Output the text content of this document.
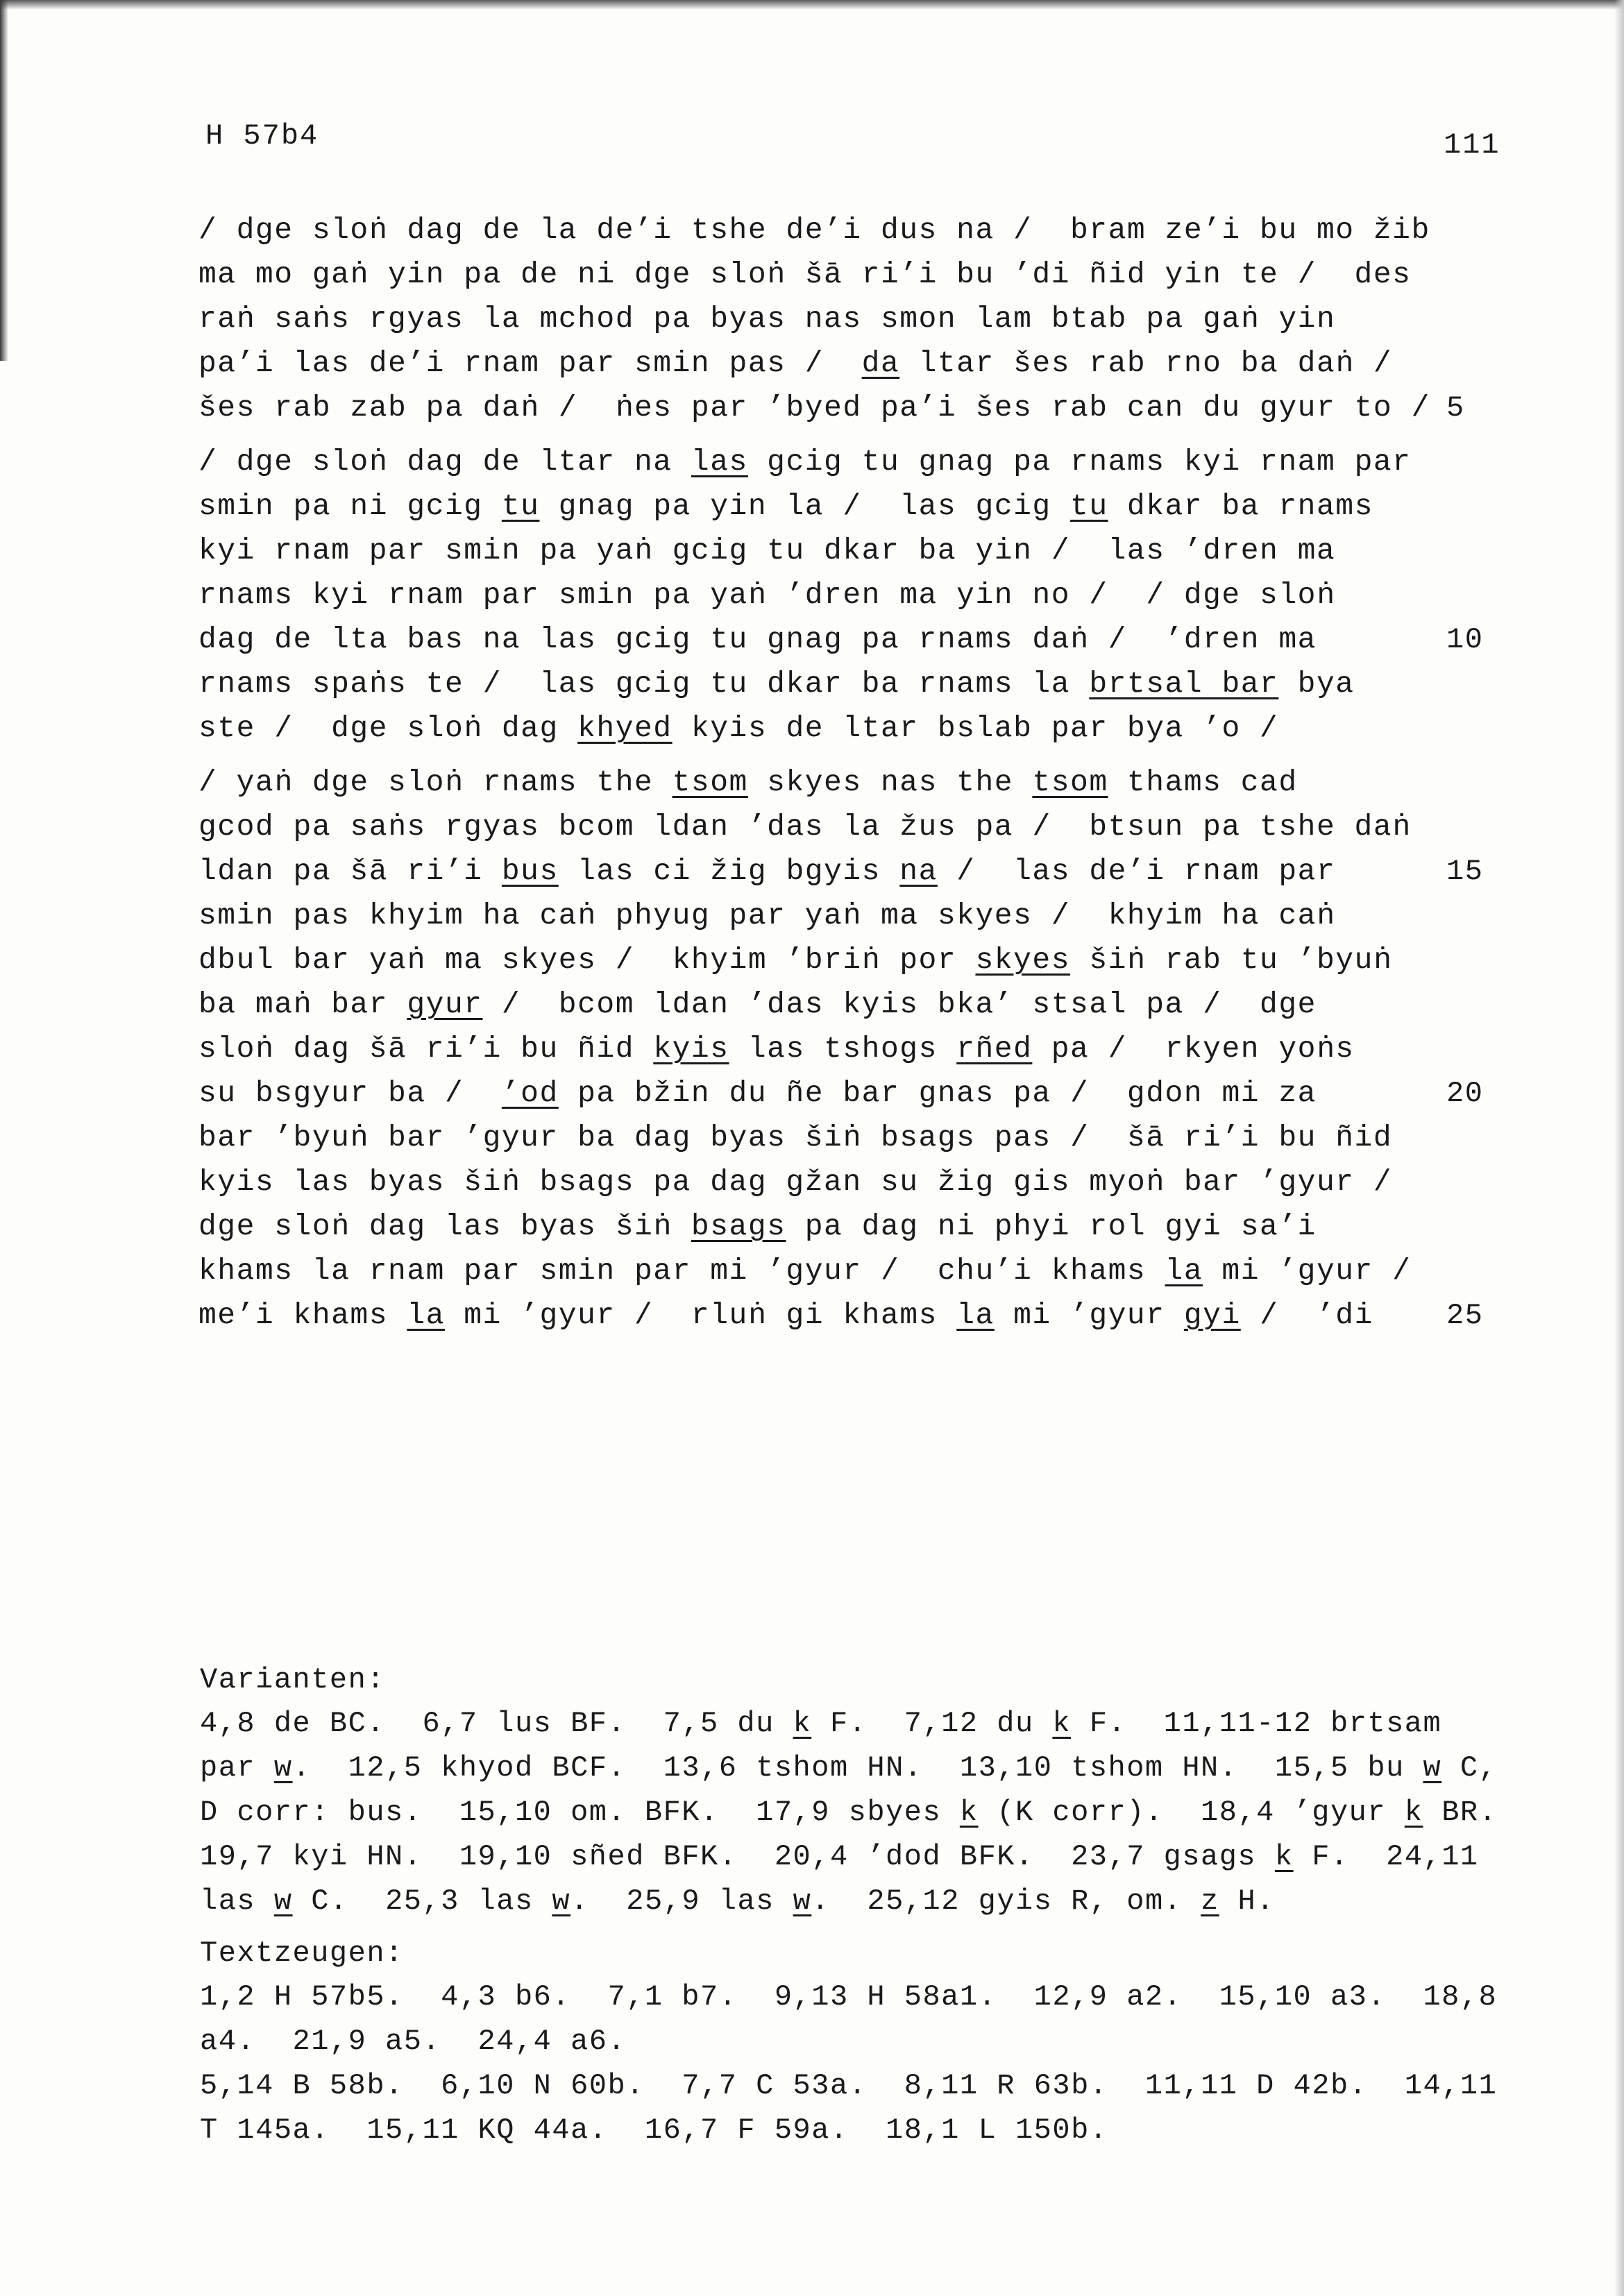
H 57b4	111
/ dge sloṅ dag de la de’i tshe de’i dus na /  bram ze’i bu mo žib
ma mo gaṅ yin pa de ni dge sloṅ šā ri’i bu ’di ñid yin te /  des
raṅ saṅs rgyas la mchod pa byas nas smon lam btab pa gaṅ yin
pa’i las de’i rnam par smin pas /  da ltar šes rab rno ba daṅ /
šes rab zab pa daṅ /  ṅes par ’byed pa’i šes rab can du gyur to / 5
/ dge sloṅ dag de ltar na las gcig tu gnag pa rnams kyi rnam par
smin pa ni gcig tu gnag pa yin la /  las gcig tu dkar ba rnams
kyi rnam par smin pa yaṅ gcig tu dkar ba yin /  las ’dren ma
rnams kyi rnam par smin pa yaṅ ’dren ma yin no /  / dge sloṅ
dag de lta bas na las gcig tu gnag pa rnams daṅ /  ’dren ma	10
rnams spaṅs te /  las gcig tu dkar ba rnams la brtsal bar bya
ste /  dge sloṅ dag khyed kyis de ltar bslab par bya ’o /
/ yaṅ dge sloṅ rnams the tsom skyes nas the tsom thams cad
gcod pa saṅs rgyas bcom ldan ’das la žus pa /  btsun pa tshe daṅ
ldan pa šā ri’i bus las ci žig bgyis na /  las de’i rnam par	15
smin pas khyim ha caṅ phyug par yaṅ ma skyes /  khyim ha caṅ
dbul bar yaṅ ma skyes /  khyim ’briṅ por skyes šiṅ rab tu ’byuṅ
ba maṅ bar gyur /  bcom ldan ’das kyis bka’ stsal pa /  dge
sloṅ dag šā ri’i bu ñid kyis las tshogs rñed pa /  rkyen yoṅs
su bsgyur ba /  ’od pa bžin du ñe bar gnas pa /  gdon mi za	20
bar ’byuṅ bar ’gyur ba dag byas šiṅ bsags pas /  šā ri’i bu ñid
kyis las byas šiṅ bsags pa dag gžan su žig gis myoṅ bar ’gyur /
dge sloṅ dag las byas šiṅ bsags pa dag ni phyi rol gyi sa’i
khams la rnam par smin par mi ’gyur /  chu’i khams la mi ’gyur /
me’i khams la mi ’gyur /  rluṅ gi khams la mi ’gyur gyi /  ’di	25
Varianten:
4,8 de BC.  6,7 lus BF.  7,5 du k F.  7,12 du k F.  11,11-12 brtsam
par w.  12,5 khyod BCF.  13,6 tshom HN.  13,10 tshom HN.  15,5 bu w C,
D corr: bus.  15,10 om. BFK.  17,9 sbyes k (K corr).  18,4 ’gyur k BR.
19,7 kyi HN.  19,10 sñed BFK.  20,4 ’dod BFK.  23,7 gsags k F.  24,11
las w C.  25,3 las w.  25,9 las w.  25,12 gyis R, om. z H.
Textzeugen:
1,2 H 57b5.  4,3 b6.  7,1 b7.  9,13 H 58a1.  12,9 a2.  15,10 a3.  18,8
a4.  21,9 a5.  24,4 a6.
5,14 B 58b.  6,10 N 60b.  7,7 C 53a.  8,11 R 63b.  11,11 D 42b.  14,11
T 145a.  15,11 KQ 44a.  16,7 F 59a.  18,1 L 150b.
